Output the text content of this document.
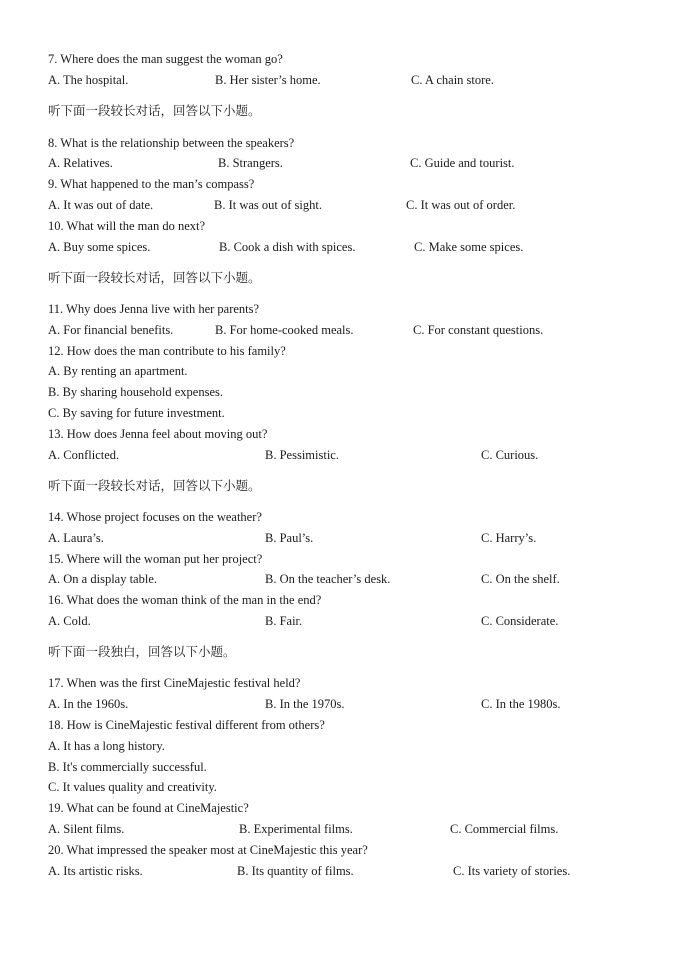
7. Where does the man suggest the woman go?
A. The hospital.	B. Her sister’s home.	C. A chain store.
听下面一段较长对话，回答以下小题。
8. What is the relationship between the speakers?
A. Relatives.	B. Strangers.	C. Guide and tourist.
9. What happened to the man’s compass?
A. It was out of date.	B. It was out of sight.	C. It was out of order.
10. What will the man do next?
A. Buy some spices.	B. Cook a dish with spices.	C. Make some spices.
听下面一段较长对话，回答以下小题。
11. Why does Jenna live with her parents?
A. For financial benefits.	B. For home-cooked meals.	C. For constant questions.
12. How does the man contribute to his family?
A. By renting an apartment.
B. By sharing household expenses.
C. By saving for future investment.
13. How does Jenna feel about moving out?
A. Conflicted.	B. Pessimistic.	C. Curious.
听下面一段较长对话，回答以下小题。
14. Whose project focuses on the weather?
A. Laura’s.	B. Paul’s.	C. Harry’s.
15. Where will the woman put her project?
A. On a display table.	B. On the teacher’s desk.	C. On the shelf.
16. What does the woman think of the man in the end?
A. Cold.	B. Fair.	C. Considerate.
听下面一段独白，回答以下小题。
17. When was the first CineMajestic festival held?
A. In the 1960s.	B. In the 1970s.	C. In the 1980s.
18. How is CineMajestic festival different from others?
A. It has a long history.
B. It's commercially successful.
C. It values quality and creativity.
19. What can be found at CineMajestic?
A. Silent films.	B. Experimental films.	C. Commercial films.
20. What impressed the speaker most at CineMajestic this year?
A. Its artistic risks.	B. Its quantity of films.	C. Its variety of stories.
